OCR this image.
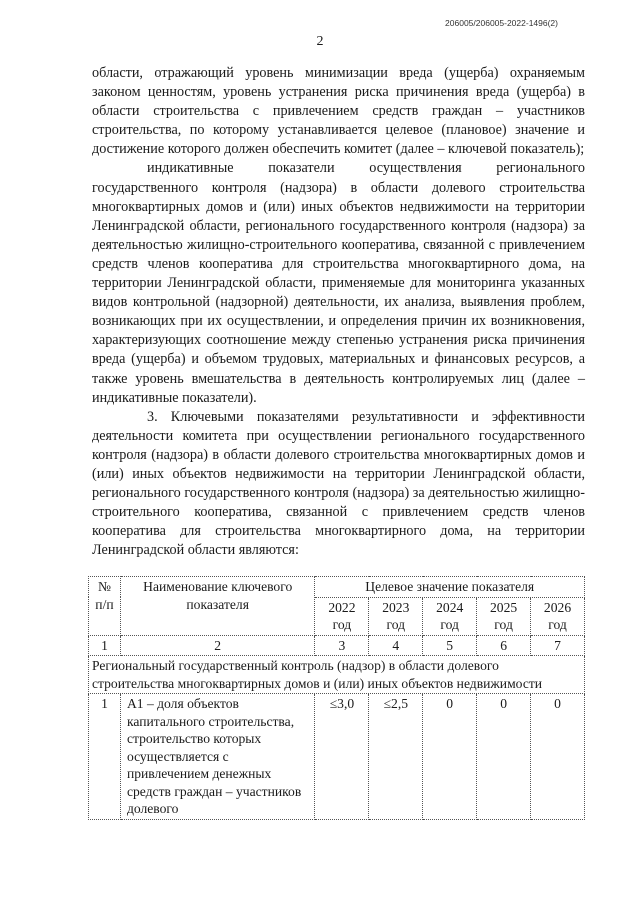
206005/206005-2022-1496(2)
2

области, отражающий уровень минимизации вреда (ущерба) охраняемым законом ценностям, уровень устранения риска причинения вреда (ущерба) в области строительства с привлечением средств граждан – участников строительства, по которому устанавливается целевое (плановое) значение и достижение которого должен обеспечить комитет (далее – ключевой показатель);

индикативные показатели осуществления регионального государственного контроля (надзора) в области долевого строительства многоквартирных домов и (или) иных объектов недвижимости на территории Ленинградской области, регионального государственного контроля (надзора) за деятельностью жилищно-строительного кооператива, связанной с привлечением средств членов кооператива для строительства многоквартирного дома, на территории Ленинградской области, применяемые для мониторинга указанных видов контрольной (надзорной) деятельности, их анализа, выявления проблем, возникающих при их осуществлении, и определения причин их возникновения, характеризующих соотношение между степенью устранения риска причинения вреда (ущерба) и объемом трудовых, материальных и финансовых ресурсов, а также уровень вмешательства в деятельность контролируемых лиц (далее – индикативные показатели).

3. Ключевыми показателями результативности и эффективности деятельности комитета при осуществлении регионального государственного контроля (надзора) в области долевого строительства многоквартирных домов и (или) иных объектов недвижимости на территории Ленинградской области, регионального государственного контроля (надзора) за деятельностью жилищно-строительного кооператива, связанной с привлечением средств членов кооператива для строительства многоквартирного дома, на территории Ленинградской области являются:

№ п/п	Наименование ключевого показателя	Целевое значение показателя				
		2022 год	2023 год	2024 год	2025 год	2026 год
1	2	3	4	5	6	7
Региональный государственный контроль (надзор) в области долевого строительства многоквартирных домов и (или) иных объектов недвижимости						
1	А1 – доля объектов капитального строительства, строительство которых осуществляется с привлечением денежных средств граждан – участников долевого	≤3,0	≤2,5	0	0	0
